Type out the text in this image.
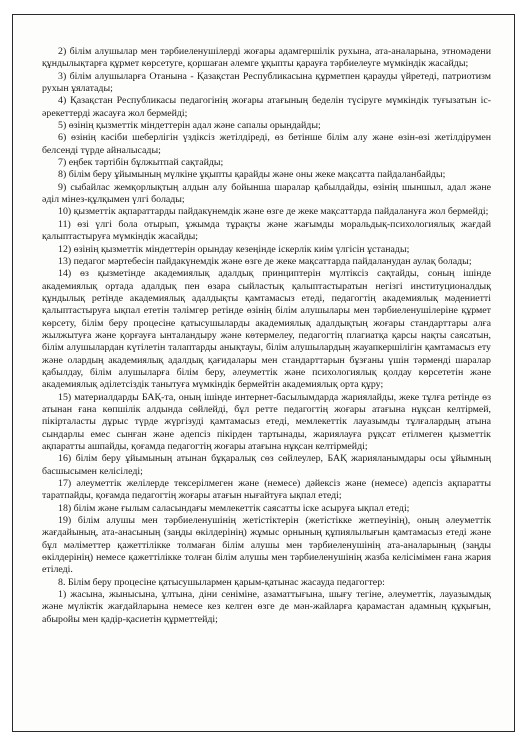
2) білім алушылар мен тәрбиеленушілерді жоғары адамгершілік рухына, ата-аналарына, этномәдени құндылықтарға құрмет көрсетуге, қоршаған әлемге ұқыпты қарауға тәрбиелеуге мүмкіндік жасайды;

3) білім алушыларға Отанына - Қазақстан Республикасына құрметпен қарауды үйретеді, патриотизм рухын ұялатады;

4) Қазақстан Республикасы педагогінің жоғары атағының беделін түсіруге мүмкіндік туғызатын іс-әрекеттерді жасауға жол бермейді;

5) өзінің қызметтік міндеттерін адал және сапалы орындайды;

6) өзінің кәсіби шеберлігін үздіксіз жетілдіреді, өз бетінше білім алу және өзін-өзі жетілдірумен белсенді түрде айналысады;

7) еңбек тәртібін бұлжытпай сақтайды;

8) білім беру ұйымының мүлкіне ұқыпты қарайды және оны жеке мақсатта пайдаланбайды;

9) сыбайлас жемқорлықтың алдын алу бойынша шаралар қабылдайды, өзінің шыншыл, адал және әділ мінез-құлқымен үлгі болады;

10) қызметтік ақпараттарды пайдакүнемдік және өзге де жеке мақсаттарда пайдалануға жол бермейді;

11) өзі үлгі бола отырып, ұжымда тұрақты және жағымды моральдық-психологиялық жағдай қалыптастыруға мүмкіндік жасайды;

12) өзінің қызметтік міндеттерін орындау кезеңінде іскерлік киім үлгісін ұстанады;

13) педагог мәртебесін пайдакүнемдік және өзге де жеке мақсаттарда пайдаланудан аулақ болады;

14) өз қызметінде академиялық адалдық принциптерін мүлтіксіз сақтайды, соның ішінде академиялық ортада адалдық пен өзара сыйластық қалыптастыратын негізгі институционалдық құндылық ретінде академиялық адалдықты қамтамасыз етеді, педагогтің академиялық мәдениетті қалыптастыруға ықпал ететін тәлімгер ретінде өзінің білім алушылары мен тәрбиеленушілеріне құрмет көрсету, білім беру процесіне қатысушыларды академиялық адалдықтың жоғары стандарттары алға жылжытуға және қорғауға ынталандыру және көтермелеу, педагогтің плагиатқа қарсы нақты саясатын, білім алушылардан күтілетін талаптарды анықтауы, білім алушылардың жауапкершілігін қамтамасыз ету және олардың академиялық адалдық қағидалары мен стандарттарын бұзғаны үшін тәрмендi шаралар қабылдау, білім алушыларға білім беру, әлеуметтік және психологиялық қолдау көрсететін және академиялық әділетсіздік танытуға мүмкіндік бермейтін академиялық орта құру;

15) материалдарды БАҚ-та, оның ішінде интернет-басылымдарда жариялайды, жеке тұлға ретінде өз атынан ғана көпшілік алдында сөйлейді, бұл ретте педагогтің жоғары атағына нұқсан келтірмей, пікірталасты дұрыс түрде жүргізуді қамтамасыз етеді, мемлекеттік лауазымды тұлғалардың атына сындарлы емес сынған және әдепсіз пікірден тартынады, жариялауға рұқсат етілмеген қызметтік ақпаратты ашпайды, қоғамда педагогтің жоғары атағына нұқсан келтірмейді;

16) білім беру ұйымының атынан бұқаралық сөз сөйлеулер, БАҚ жарияланымдары осы ұйымның басшысымен келісіледі;

17) әлеуметтік желілерде тексерілмеген және (немесе) дәйексіз және (немесе) әдепсіз ақпаратты таратпайды, қоғамда педагогтің жоғары атағын нығайтуға ықпал етеді;

18) білім және ғылым саласындағы мемлекеттік саясатты іске асыруға ықпал етеді;

19) білім алушы мен тәрбиеленушінің жетістіктерін (жетістікке жетпеуінің), оның әлеуметтік жағдайының, ата-анасының (заңды өкілдерінің) жұмыс орнының құпиялылығын қамтамасыз етеді және бұл мәліметтер қажеттілікке толмаған білім алушы мен тәрбиеленушінің ата-аналарының (заңды өкілдерінің) немесе қажеттілікке толған білім алушы мен тәрбиеленушінің жазба келісімімен ғана жария етіледі.

8. Білім беру процесіне қатысушылармен қарым-қатынас жасауда педагогтер:

1) жасына, жынысына, ұлтына, діни сеніміне, азаматтығына, шығу тегіне, әлеуметтік, лауазымдық және мүліктік жағдайларына немесе кез келген өзге де мән-жайларға қарамастан адамның құқығын, абыройы мен қадір-қасиетін құрметтейді;
